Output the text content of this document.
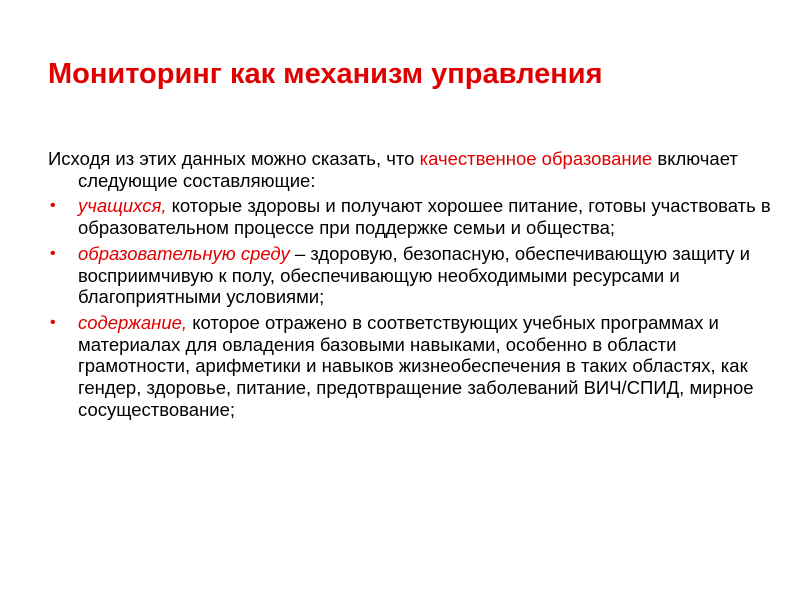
Мониторинг как механизм управления

Исходя из этих данных можно сказать, что качественное образование включает следующие составляющие:

• учащихся, которые здоровы и получают хорошее питание, готовы участвовать в образовательном процессе при поддержке семьи и общества;
• образовательную среду – здоровую, безопасную, обеспечивающую защиту и восприимчивую к полу, обеспечивающую необходимыми ресурсами и благоприятными условиями;
• содержание, которое отражено в соответствующих учебных программах и материалах для овладения базовыми навыками, особенно в области грамотности, арифметики и навыков жизнеобеспечения в таких областях, как гендер, здоровье, питание, предотвращение заболеваний ВИЧ/СПИД, мирное сосуществование;
